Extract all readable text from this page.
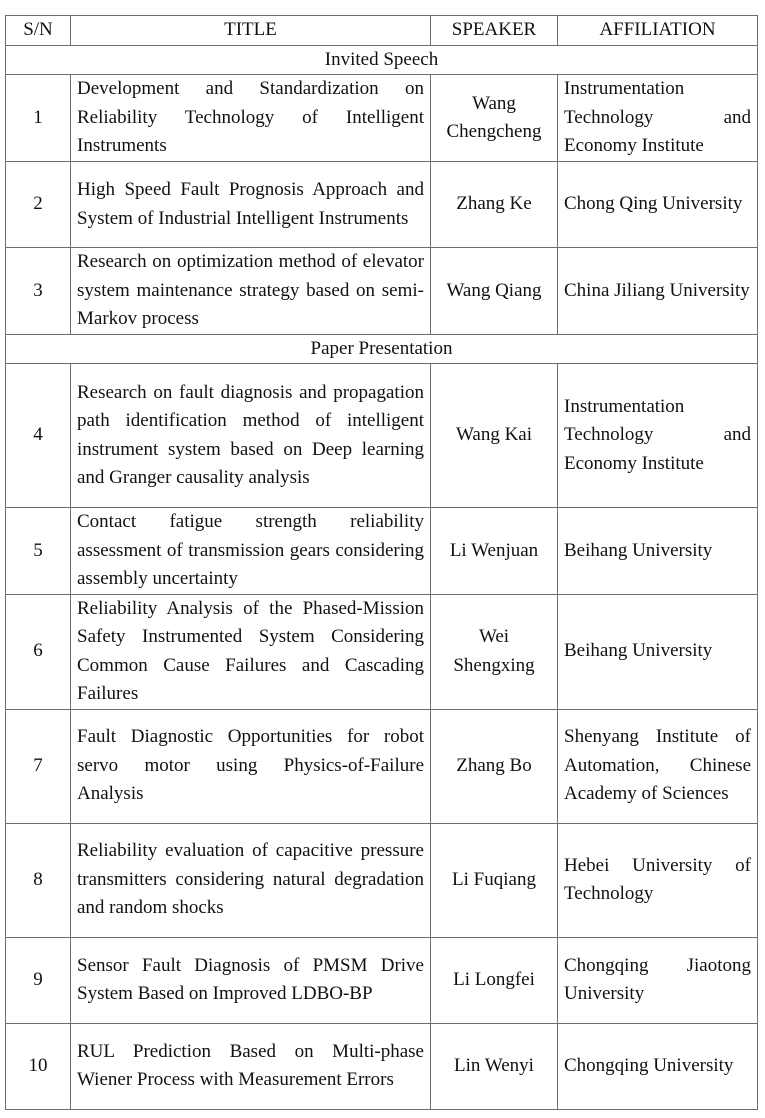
S/N	TITLE	SPEAKER	AFFILIATION
Invited Speech			
1	Development and Standardization on Reliability Technology of Intelligent Instruments	Wang Chengcheng	Instrumentation Technology and Economy Institute
2	High Speed Fault Prognosis Approach and System of Industrial Intelligent Instruments	Zhang Ke	Chong Qing University
3	Research on optimization method of elevator system maintenance strategy based on semi-Markov process	Wang Qiang	China Jiliang University
Paper Presentation			
4	Research on fault diagnosis and propagation path identification method of intelligent instrument system based on Deep learning and Granger causality analysis	Wang Kai	Instrumentation Technology and Economy Institute
5	Contact fatigue strength reliability assessment of transmission gears considering assembly uncertainty	Li Wenjuan	Beihang University
6	Reliability Analysis of the Phased-Mission Safety Instrumented System Considering Common Cause Failures and Cascading Failures	Wei Shengxing	Beihang University
7	Fault Diagnostic Opportunities for robot servo motor using Physics-of-Failure Analysis	Zhang Bo	Shenyang Institute of Automation, Chinese Academy of Sciences
8	Reliability evaluation of capacitive pressure transmitters considering natural degradation and random shocks	Li Fuqiang	Hebei University of Technology
9	Sensor Fault Diagnosis of PMSM Drive System Based on Improved LDBO-BP	Li Longfei	Chongqing Jiaotong University
10	RUL Prediction Based on Multi-phase Wiener Process with Measurement Errors	Lin Wenyi	Chongqing University
